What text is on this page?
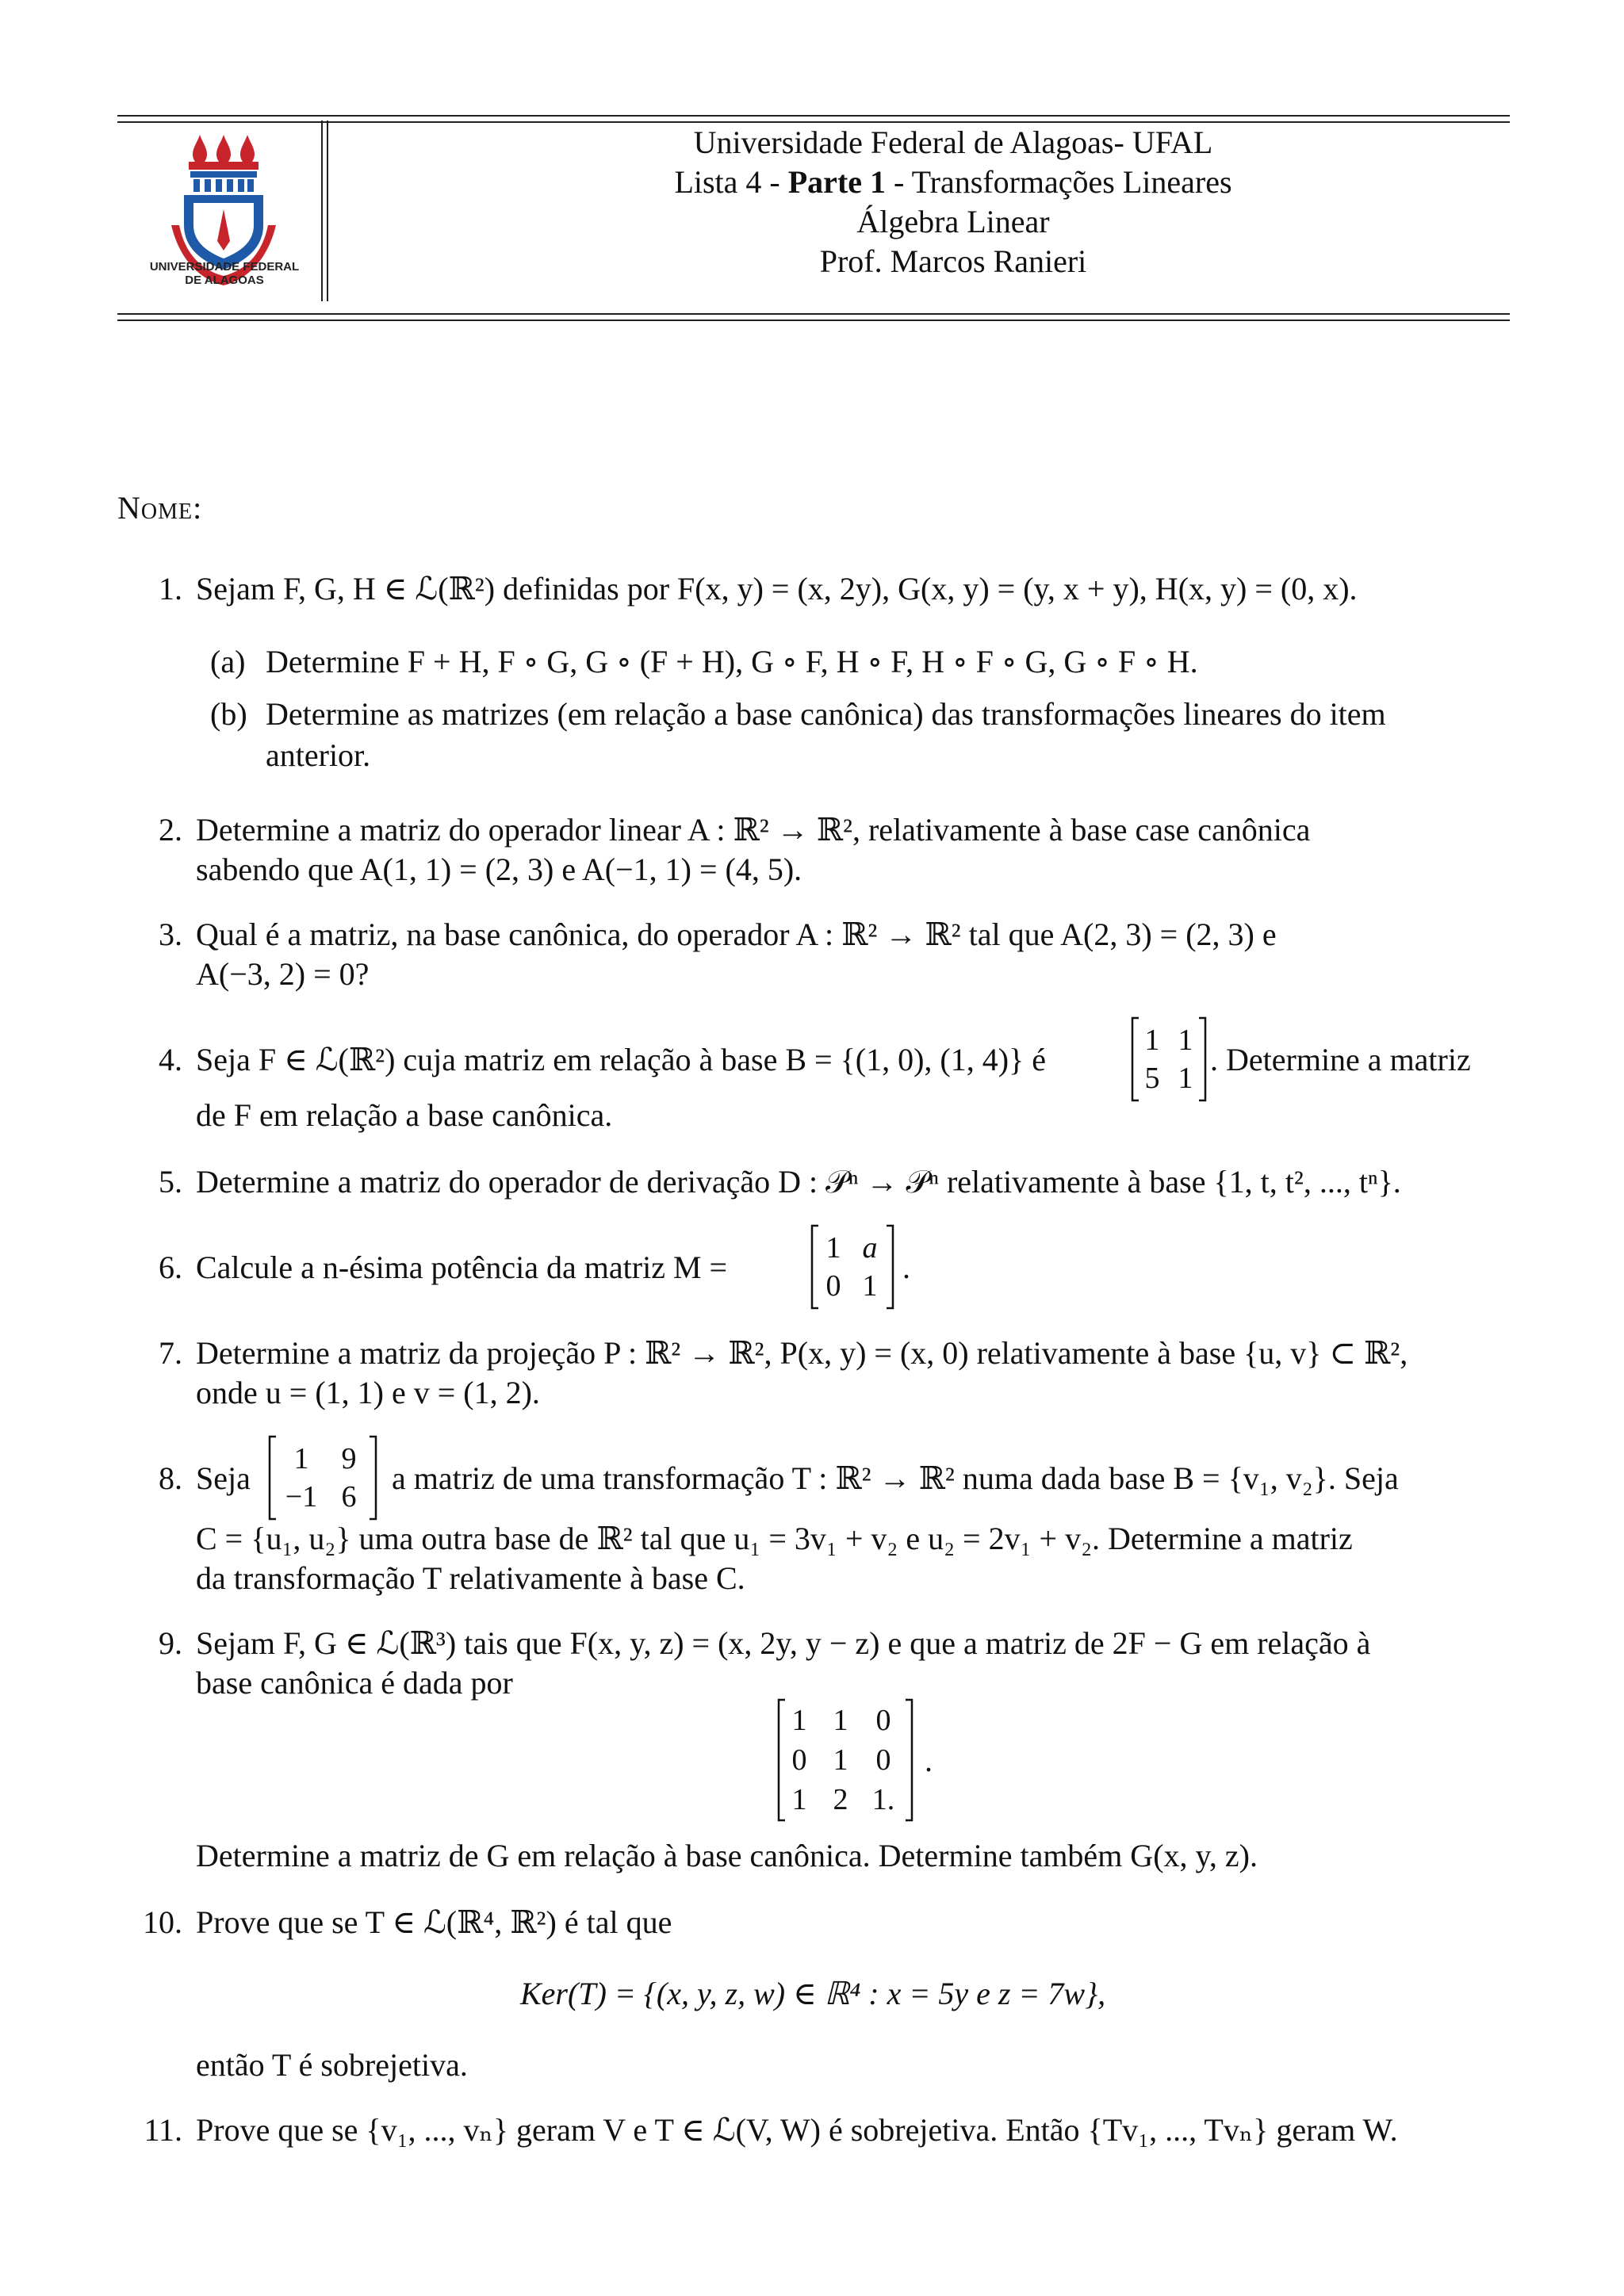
UNIVERSIDADE FEDERAL
DE ALAGOAS
Universidade Federal de Alagoas- UFAL
Lista 4 - Parte 1 - Transformações Lineares
Álgebra Linear
Prof. Marcos Ranieri
Nome:
1. Sejam F, G, H ∈ ℒ(ℝ²) definidas por F(x, y) = (x, 2y), G(x, y) = (y, x + y), H(x, y) = (0, x).
(a) Determine F + H, F ∘ G, G ∘ (F + H), G ∘ F, H ∘ F, H ∘ F ∘ G, G ∘ F ∘ H.
(b) Determine as matrizes (em relação a base canônica) das transformações lineares do item
anterior.
2. Determine a matriz do operador linear A : ℝ² → ℝ², relativamente à base case canônica
sabendo que A(1, 1) = (2, 3) e A(−1, 1) = (4, 5).
3. Qual é a matriz, na base canônica, do operador A : ℝ² → ℝ² tal que A(2, 3) = (2, 3) e
A(−3, 2) = 0?
4. Seja F ∈ ℒ(ℝ²) cuja matriz em relação à base B = {(1, 0), (1, 4)} é
1 1
5 1
. Determine a matriz
de F em relação a base canônica.
5. Determine a matriz do operador de derivação D : 𝒫ⁿ → 𝒫ⁿ relativamente à base {1, t, t², ..., tⁿ}.
6. Calcule a n-ésima potência da matriz M =
1 a
0 1
.
7. Determine a matriz da projeção P : ℝ² → ℝ², P(x, y) = (x, 0) relativamente à base {u, v} ⊂ ℝ²,
onde u = (1, 1) e v = (1, 2).
8. Seja
1	9
−1 6
a matriz de uma transformação T : ℝ² → ℝ² numa dada base B = {v₁, v₂}. Seja
C = {u₁, u₂} uma outra base de ℝ² tal que u₁ = 3v₁ + v₂ e u₂ = 2v₁ + v₂. Determine a matriz
da transformação T relativamente à base C.
9. Sejam F, G ∈ ℒ(ℝ³) tais que F(x, y, z) = (x, 2y, y − z) e que a matriz de 2F − G em relação à
base canônica é dada por
1 1 0
0 1 0
1 2 1.
.
Determine a matriz de G em relação à base canônica. Determine também G(x, y, z).
10. Prove que se T ∈ ℒ(ℝ⁴, ℝ²) é tal que
Ker(T) = {(x, y, z, w) ∈ ℝ⁴ : x = 5y e z = 7w},
então T é sobrejetiva.
11. Prove que se {v₁, ..., vₙ} geram V e T ∈ ℒ(V, W) é sobrejetiva. Então {Tv₁, ..., Tvₙ} geram W.
